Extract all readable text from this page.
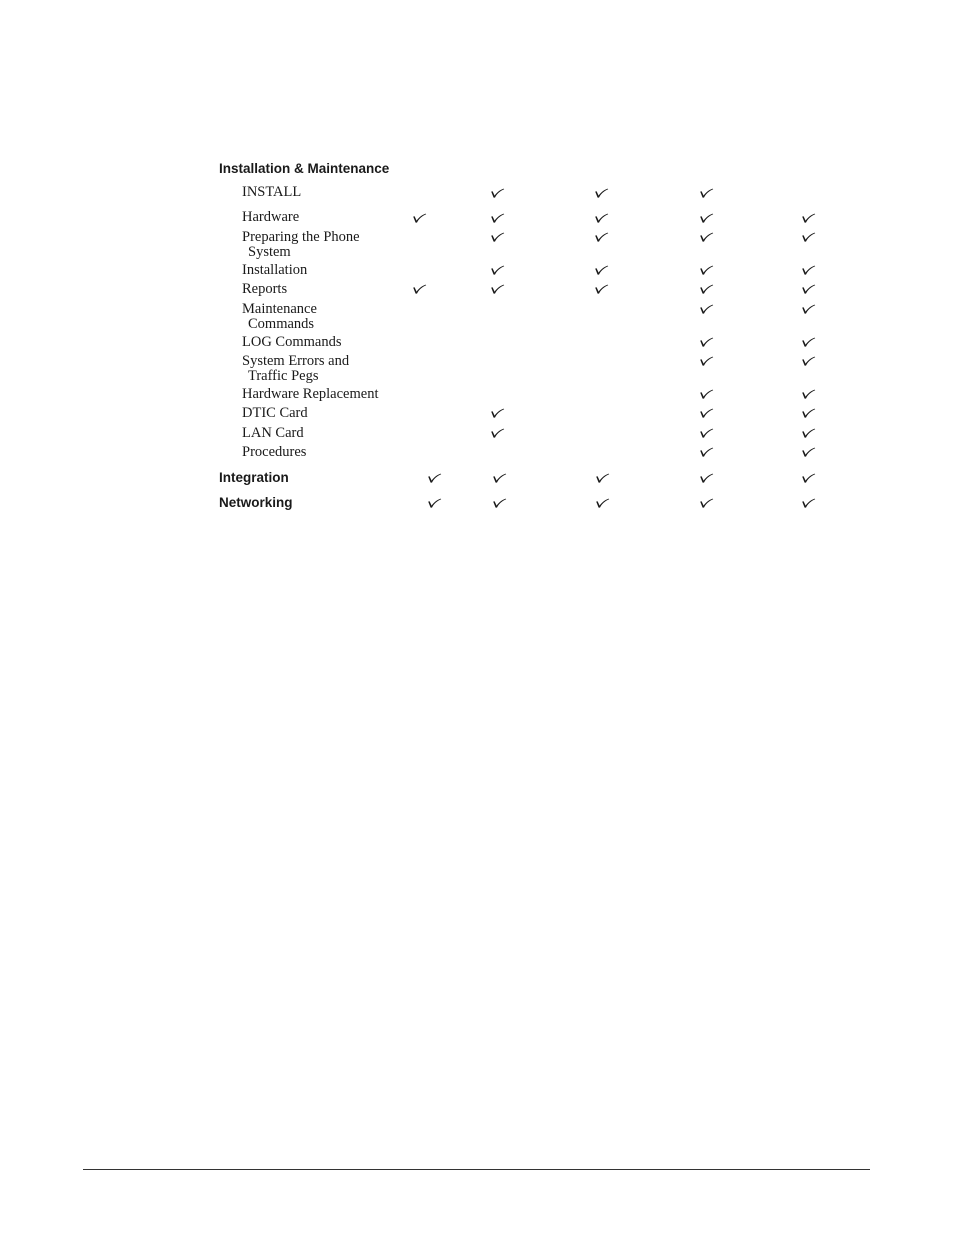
Installation & Maintenance
INSTALL
Hardware
Preparing the Phone
System
Installation
Reports
Maintenance
Commands
LOG Commands
System Errors and
Traffic Pegs
Hardware Replacement
DTIC Card
LAN Card
Procedures
Integration
Networking
